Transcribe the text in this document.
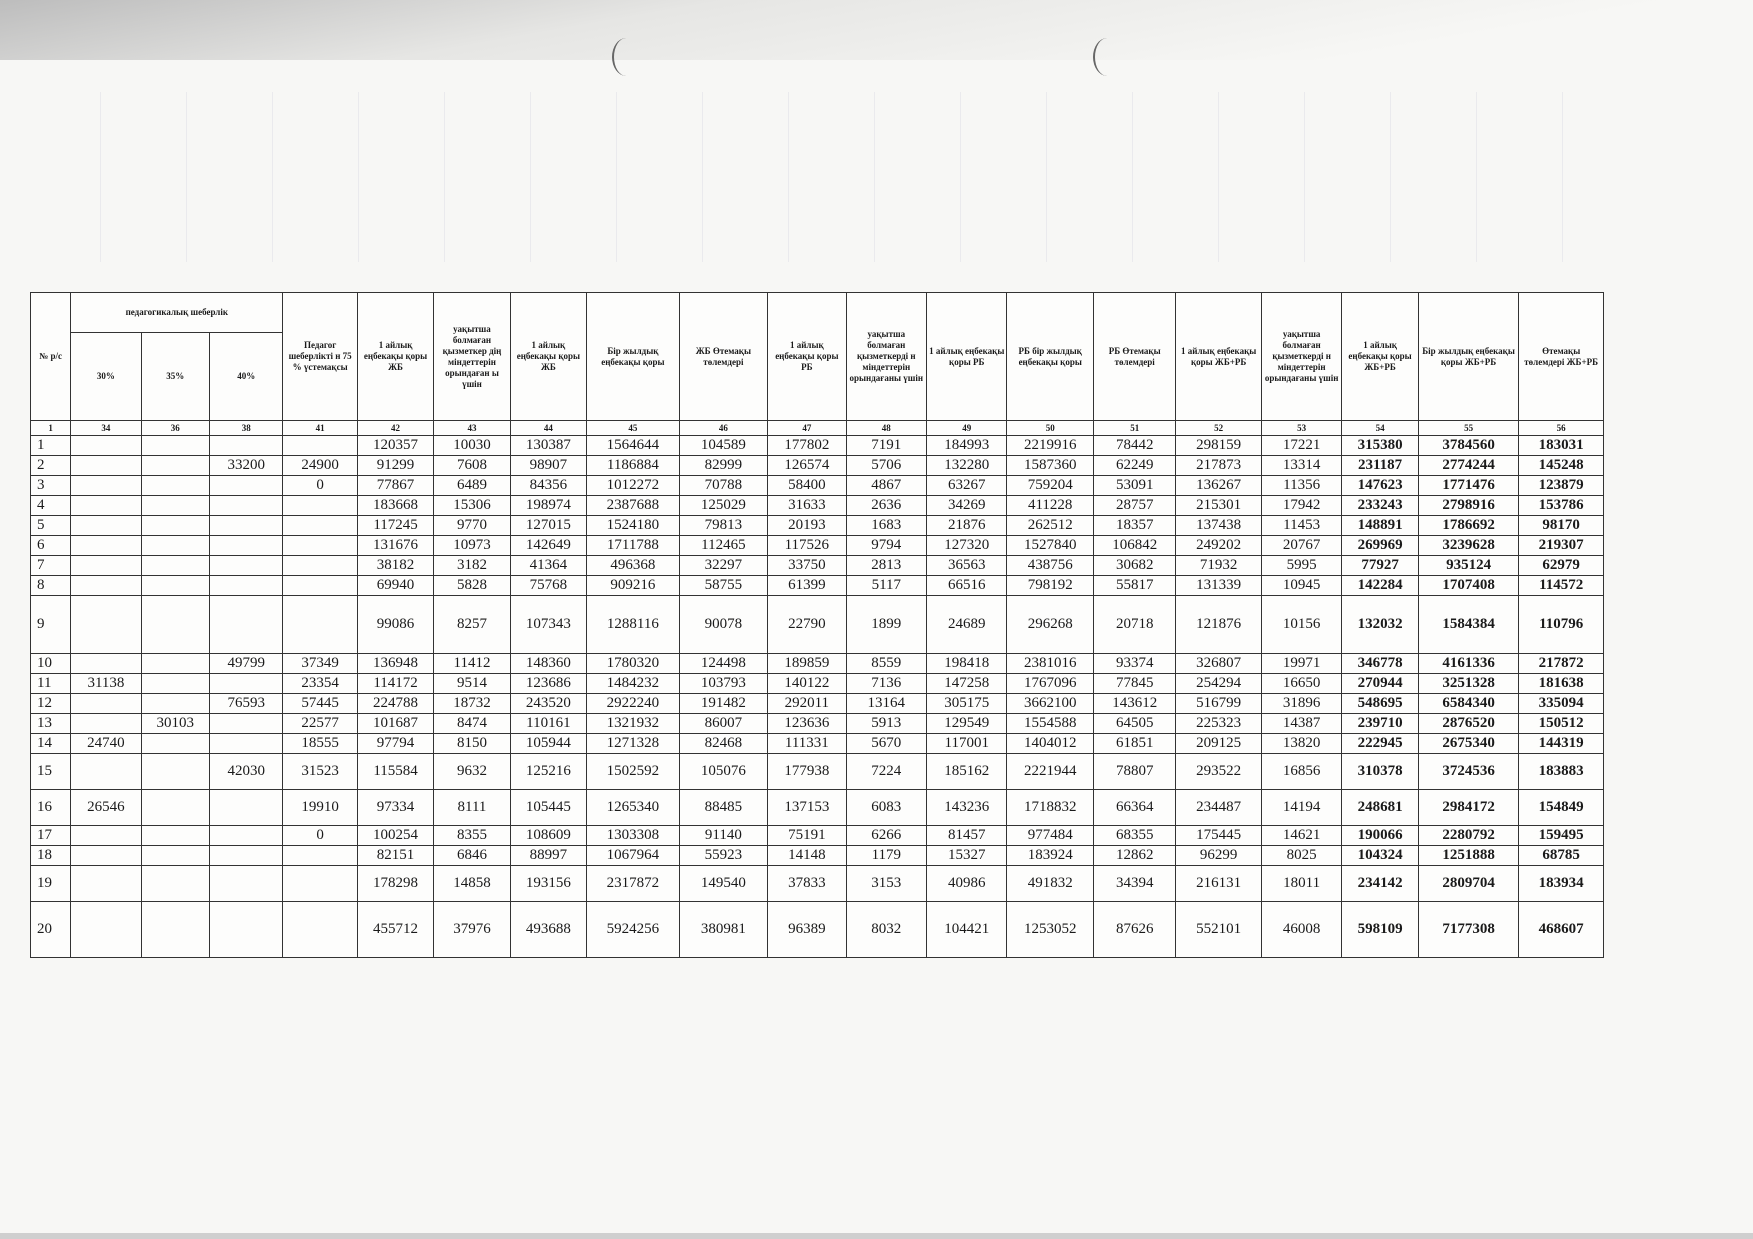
№ р/с	педагогикалық шеберлік			Педагог шеберлікті н 75 % үстемақсы	1 айлық еңбекақы қоры ЖБ	уақытша болмаған қызметкер дің міндеттерін орындаған ы үшін	1 айлық еңбекақы қоры ЖБ	Бір жылдық еңбекақы қоры	ЖБ Өтемақы төлемдері	1 айлық еңбекақы қоры РБ	уақытша болмаған қызметкерді н міндеттерін орындағаны үшін	1 айлық еңбекақы қоры РБ	РБ бір жылдық еңбекақы қоры	РБ Өтемақы төлемдері	1 айлық еңбекақы қоры ЖБ+РБ	уақытша болмаған қызметкерді н міндеттерін орындағаны үшін	1 айлық еңбекақы қоры ЖБ+РБ	Бір жылдық еңбекақы қоры ЖБ+РБ	Өтемақы төлемдері ЖБ+РБ
	30%	35%	40%																
1	34	36	38	41	42	43	44	45	46	47	48	49	50	51	52	53	54	55	56
1					120357	10030	130387	1564644	104589	177802	7191	184993	2219916	78442	298159	17221	315380	3784560	183031
2			33200	24900	91299	7608	98907	1186884	82999	126574	5706	132280	1587360	62249	217873	13314	231187	2774244	145248
3				0	77867	6489	84356	1012272	70788	58400	4867	63267	759204	53091	136267	11356	147623	1771476	123879
4					183668	15306	198974	2387688	125029	31633	2636	34269	411228	28757	215301	17942	233243	2798916	153786
5					117245	9770	127015	1524180	79813	20193	1683	21876	262512	18357	137438	11453	148891	1786692	98170
6					131676	10973	142649	1711788	112465	117526	9794	127320	1527840	106842	249202	20767	269969	3239628	219307
7					38182	3182	41364	496368	32297	33750	2813	36563	438756	30682	71932	5995	77927	935124	62979
8					69940	5828	75768	909216	58755	61399	5117	66516	798192	55817	131339	10945	142284	1707408	114572
9					99086	8257	107343	1288116	90078	22790	1899	24689	296268	20718	121876	10156	132032	1584384	110796
10			49799	37349	136948	11412	148360	1780320	124498	189859	8559	198418	2381016	93374	326807	19971	346778	4161336	217872
11	31138			23354	114172	9514	123686	1484232	103793	140122	7136	147258	1767096	77845	254294	16650	270944	3251328	181638
12			76593	57445	224788	18732	243520	2922240	191482	292011	13164	305175	3662100	143612	516799	31896	548695	6584340	335094
13		30103		22577	101687	8474	110161	1321932	86007	123636	5913	129549	1554588	64505	225323	14387	239710	2876520	150512
14	24740			18555	97794	8150	105944	1271328	82468	111331	5670	117001	1404012	61851	209125	13820	222945	2675340	144319
15			42030	31523	115584	9632	125216	1502592	105076	177938	7224	185162	2221944	78807	293522	16856	310378	3724536	183883
16	26546			19910	97334	8111	105445	1265340	88485	137153	6083	143236	1718832	66364	234487	14194	248681	2984172	154849
17				0	100254	8355	108609	1303308	91140	75191	6266	81457	977484	68355	175445	14621	190066	2280792	159495
18					82151	6846	88997	1067964	55923	14148	1179	15327	183924	12862	96299	8025	104324	1251888	68785
19					178298	14858	193156	2317872	149540	37833	3153	40986	491832	34394	216131	18011	234142	2809704	183934
20					455712	37976	493688	5924256	380981	96389	8032	104421	1253052	87626	552101	46008	598109	7177308	468607
